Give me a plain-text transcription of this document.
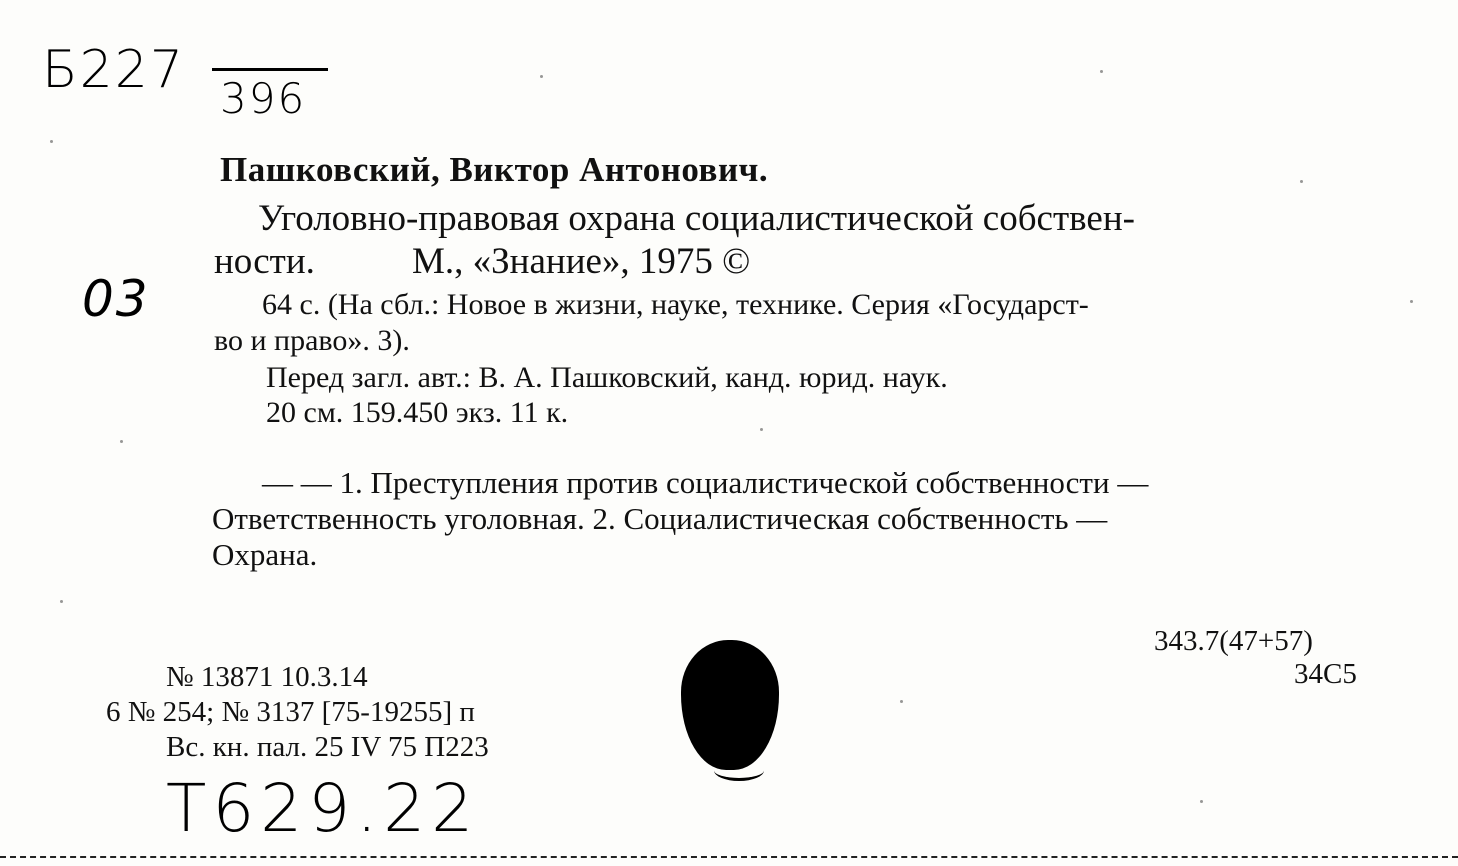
Б227 396
03
Пашковский, Виктор Антонович.
Уголовно-правовая охрана социалистической собствен-
ности.	М., «Знание», 1975 ©
64 с. (На сбл.: Новое в жизни, науке, технике. Серия «Государст-
во и право». 3).
Перед загл. авт.: В. А. Пашковский, канд. юрид. наук.
20 см. 159.450 экз. 11 к.
— — 1. Преступления против социалистической собственности —
Ответственность уголовная. 2. Социалистическая собственность —
Охрана.
343.7(47+57)
34С5
№ 13871 10.3.14
6 № 254; № 3137 [75-19255] п
Вс. кн. пал. 25 IV 75 П223
Т629.22
